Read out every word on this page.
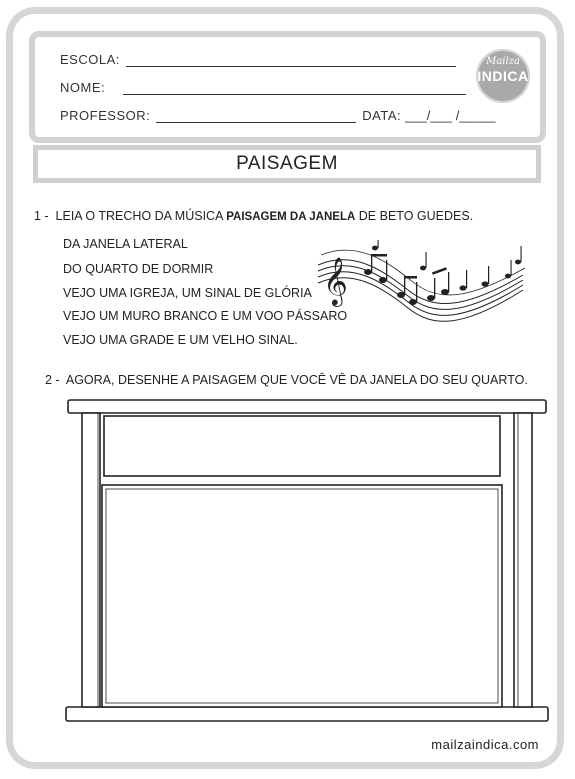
ESCOLA:
NOME:
PROFESSOR:	DATA: ___/___ /_____
Mailza
INDICA
PAISAGEM
1 - LEIA O TRECHO DA MÚSICA PAISAGEM DA JANELA DE BETO GUEDES.
DA JANELA LATERAL
DO QUARTO DE DORMIR
VEJO UMA IGREJA, UM SINAL DE GLÓRIA
VEJO UM MURO BRANCO E UM VOO PÁSSARO
VEJO UMA GRADE E UM VELHO SINAL.
𝄞
2 - AGORA, DESENHE A PAISAGEM QUE VOCÊ VÊ DA JANELA DO SEU QUARTO.
mailzaindica.com
